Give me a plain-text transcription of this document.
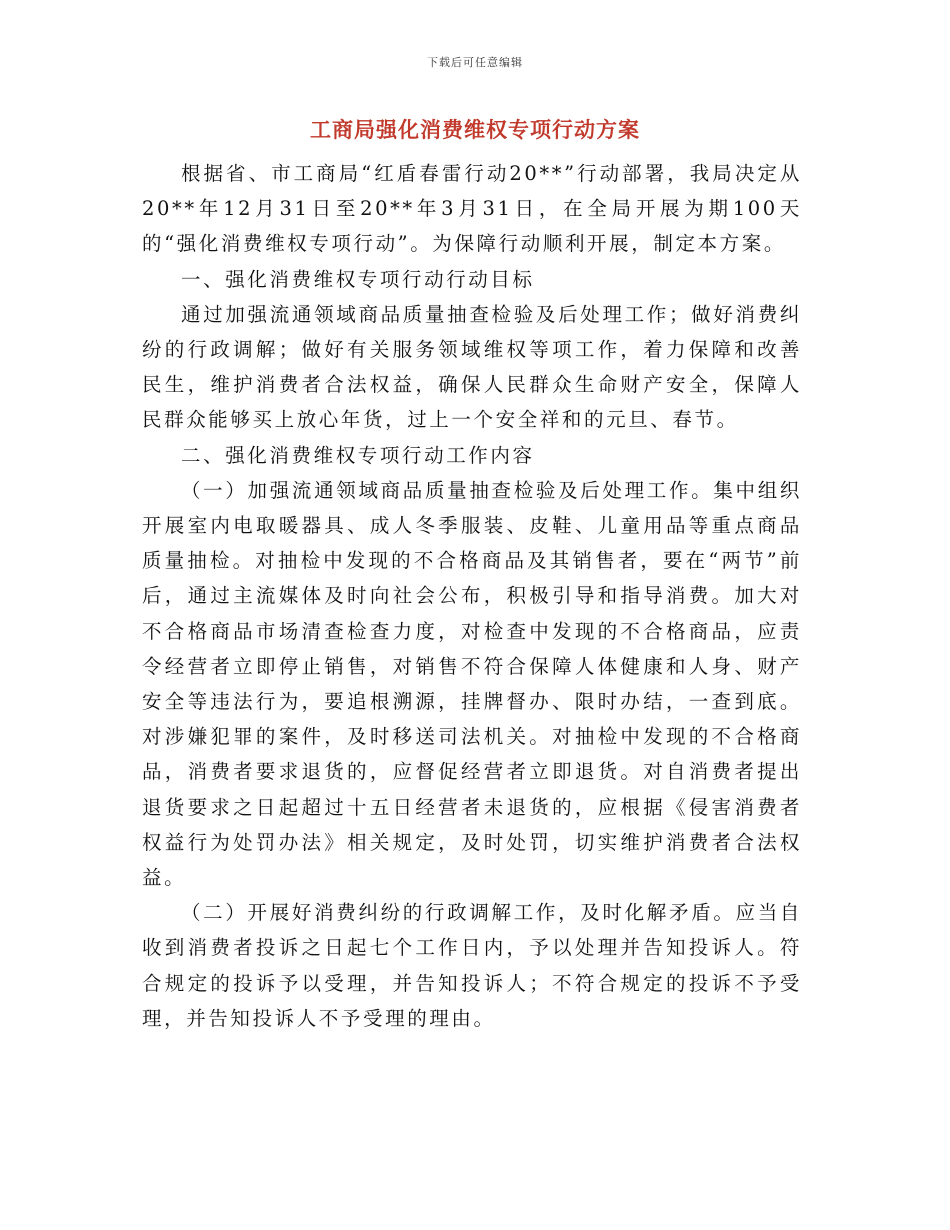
下载后可任意编辑
工商局强化消费维权专项行动方案

根据省、市工商局“红盾春雷行动20**”行动部署，我局决定从20**年12月31日至20**年3月31日，在全局开展为期100天的“强化消费维权专项行动”。为保障行动顺利开展，制定本方案。

一、强化消费维权专项行动行动目标

通过加强流通领域商品质量抽查检验及后处理工作；做好消费纠纷的行政调解；做好有关服务领域维权等项工作，着力保障和改善民生，维护消费者合法权益，确保人民群众生命财产安全，保障人民群众能够买上放心年货，过上一个安全祥和的元旦、春节。

二、强化消费维权专项行动工作内容

（一）加强流通领域商品质量抽查检验及后处理工作。集中组织开展室内电取暖器具、成人冬季服装、皮鞋、儿童用品等重点商品质量抽检。对抽检中发现的不合格商品及其销售者，要在“两节”前后，通过主流媒体及时向社会公布，积极引导和指导消费。加大对不合格商品市场清查检查力度，对检查中发现的不合格商品，应责令经营者立即停止销售，对销售不符合保障人体健康和人身、财产安全等违法行为，要追根溯源，挂牌督办、限时办结，一查到底。对涉嫌犯罪的案件，及时移送司法机关。对抽检中发现的不合格商品，消费者要求退货的，应督促经营者立即退货。对自消费者提出退货要求之日起超过十五日经营者未退货的，应根据《侵害消费者权益行为处罚办法》相关规定，及时处罚，切实维护消费者合法权益。

（二）开展好消费纠纷的行政调解工作，及时化解矛盾。应当自收到消费者投诉之日起七个工作日内，予以处理并告知投诉人。符合规定的投诉予以受理，并告知投诉人；不符合规定的投诉不予受理，并告知投诉人不予受理的理由。
